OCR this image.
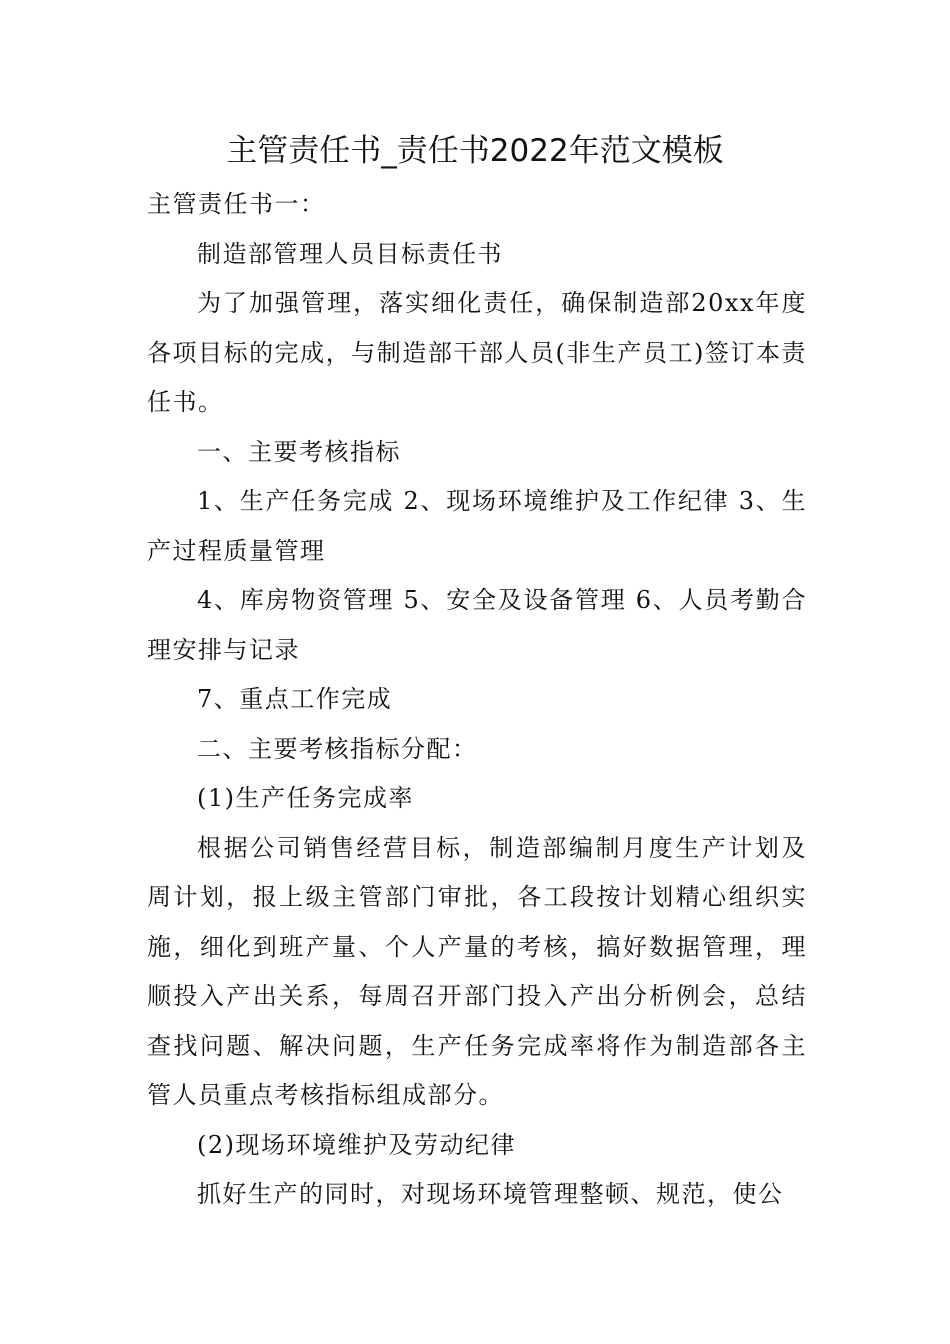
主管责任书_责任书2022年范文模板

主管责任书一：

制造部管理人员目标责任书

为了加强管理，落实细化责任，确保制造部20xx年度各项目标的完成，与制造部干部人员(非生产员工)签订本责任书。

一、主要考核指标

1、生产任务完成 2、现场环境维护及工作纪律 3、生产过程质量管理

4、库房物资管理 5、安全及设备管理 6、人员考勤合理安排与记录

7、重点工作完成

二、主要考核指标分配：

(1)生产任务完成率

根据公司销售经营目标，制造部编制月度生产计划及周计划，报上级主管部门审批，各工段按计划精心组织实施，细化到班产量、个人产量的考核，搞好数据管理，理顺投入产出关系，每周召开部门投入产出分析例会，总结查找问题、解决问题，生产任务完成率将作为制造部各主管人员重点考核指标组成部分。

(2)现场环境维护及劳动纪律

抓好生产的同时，对现场环境管理整顿、规范，使公
